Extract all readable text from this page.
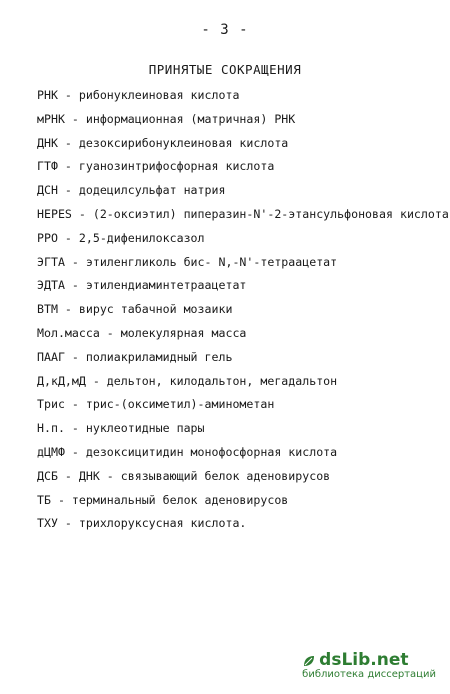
- 3 -
ПРИНЯТЫЕ СОКРАЩЕНИЯ
РНК - рибонуклеиновая кислота
мРНК - информационная (матричная) РНК
ДНК - дезоксирибонуклеиновая кислота
ГТФ - гуанозинтрифосфорная кислота
ДСН - додецилсульфат натрия
HEPES - (2-оксиэтил) пиперазин-N'-2-этансульфоновая кислота
РРО - 2,5-дифенилоксазол
ЭГТА - этиленгликоль бис- N,-N'-тетраацетат
ЭДТА - этилендиаминтетраацетат
ВТМ - вирус табачной мозаики
Мол.масса - молекулярная масса
ПААГ - полиакриламидный гель
Д,кД,мД - дельтон, килодальтон, мегадальтон
Трис - трис-(оксиметил)-аминометан
Н.п. - нуклеотидные пары
дЦМФ - дезоксицитидин монофосфорная кислота
ДСБ - ДНК - связывающий белок аденовирусов
ТБ - терминальный белок аденовирусов
ТХУ - трихлоруксусная кислота.
dsLib.net
библиотека диссертаций
